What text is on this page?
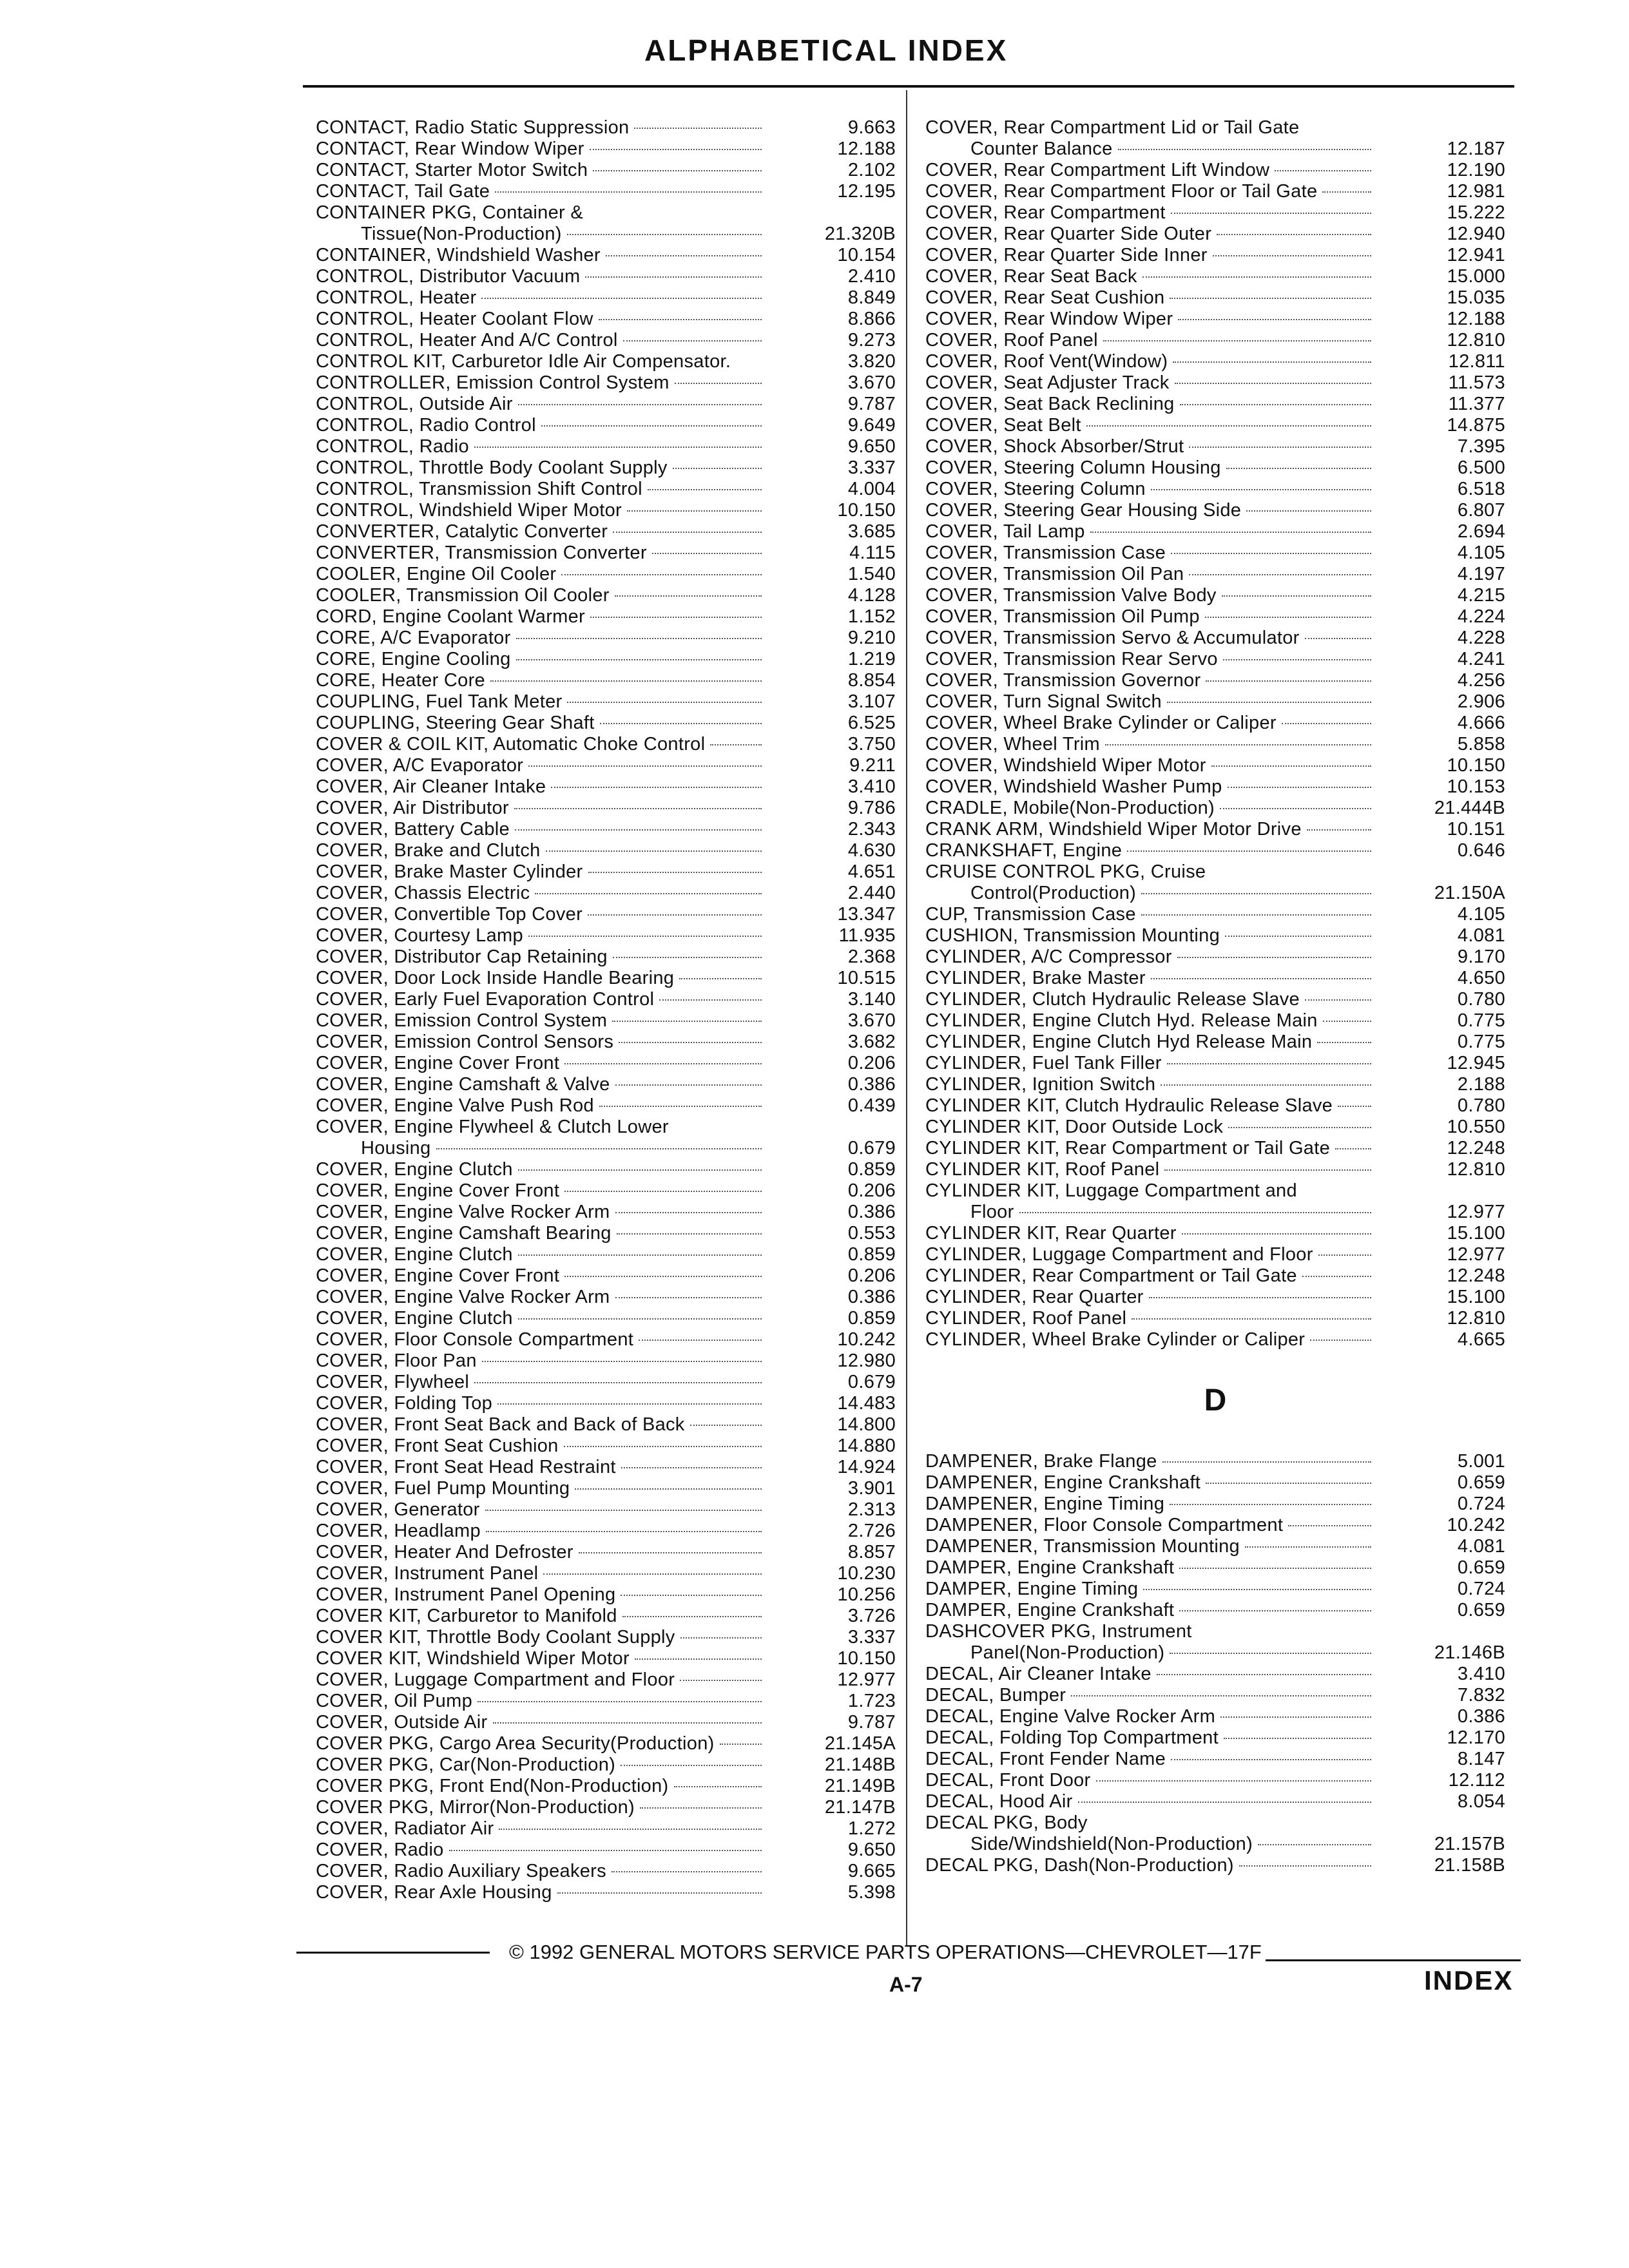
ALPHABETICAL INDEX
CONTACT, Radio Static Suppression	9.663
CONTACT, Rear Window Wiper	12.188
CONTACT, Starter Motor Switch	2.102
CONTACT, Tail Gate	12.195
CONTAINER PKG, Container &
Tissue(Non-Production)	21.320B
CONTAINER, Windshield Washer	10.154
CONTROL, Distributor Vacuum	2.410
CONTROL, Heater	8.849
CONTROL, Heater Coolant Flow	8.866
CONTROL, Heater And A/C Control	9.273
CONTROL KIT, Carburetor Idle Air Compensator.	3.820
CONTROLLER, Emission Control System	3.670
CONTROL, Outside Air	9.787
CONTROL, Radio Control	9.649
CONTROL, Radio	9.650
CONTROL, Throttle Body Coolant Supply	3.337
CONTROL, Transmission Shift Control	4.004
CONTROL, Windshield Wiper Motor	10.150
CONVERTER, Catalytic Converter	3.685
CONVERTER, Transmission Converter	4.115
COOLER, Engine Oil Cooler	1.540
COOLER, Transmission Oil Cooler	4.128
CORD, Engine Coolant Warmer	1.152
CORE, A/C Evaporator	9.210
CORE, Engine Cooling	1.219
CORE, Heater Core	8.854
COUPLING, Fuel Tank Meter	3.107
COUPLING, Steering Gear Shaft	6.525
COVER & COIL KIT, Automatic Choke Control	3.750
COVER, A/C Evaporator	9.211
COVER, Air Cleaner Intake	3.410
COVER, Air Distributor	9.786
COVER, Battery Cable	2.343
COVER, Brake and Clutch	4.630
COVER, Brake Master Cylinder	4.651
COVER, Chassis Electric	2.440
COVER, Convertible Top Cover	13.347
COVER, Courtesy Lamp	11.935
COVER, Distributor Cap Retaining	2.368
COVER, Door Lock Inside Handle Bearing	10.515
COVER, Early Fuel Evaporation Control	3.140
COVER, Emission Control System	3.670
COVER, Emission Control Sensors	3.682
COVER, Engine Cover Front	0.206
COVER, Engine Camshaft & Valve	0.386
COVER, Engine Valve Push Rod	0.439
COVER, Engine Flywheel & Clutch Lower
Housing	0.679
COVER, Engine Clutch	0.859
COVER, Engine Cover Front	0.206
COVER, Engine Valve Rocker Arm	0.386
COVER, Engine Camshaft Bearing	0.553
COVER, Engine Clutch	0.859
COVER, Engine Cover Front	0.206
COVER, Engine Valve Rocker Arm	0.386
COVER, Engine Clutch	0.859
COVER, Floor Console Compartment	10.242
COVER, Floor Pan	12.980
COVER, Flywheel	0.679
COVER, Folding Top	14.483
COVER, Front Seat Back and Back of Back	14.800
COVER, Front Seat Cushion	14.880
COVER, Front Seat Head Restraint	14.924
COVER, Fuel Pump Mounting	3.901
COVER, Generator	2.313
COVER, Headlamp	2.726
COVER, Heater And Defroster	8.857
COVER, Instrument Panel	10.230
COVER, Instrument Panel Opening	10.256
COVER KIT, Carburetor to Manifold	3.726
COVER KIT, Throttle Body Coolant Supply	3.337
COVER KIT, Windshield Wiper Motor	10.150
COVER, Luggage Compartment and Floor	12.977
COVER, Oil Pump	1.723
COVER, Outside Air	9.787
COVER PKG, Cargo Area Security(Production)	21.145A
COVER PKG, Car(Non-Production)	21.148B
COVER PKG, Front End(Non-Production)	21.149B
COVER PKG, Mirror(Non-Production)	21.147B
COVER, Radiator Air	1.272
COVER, Radio	9.650
COVER, Radio Auxiliary Speakers	9.665
COVER, Rear Axle Housing	5.398
COVER, Rear Compartment Lid or Tail Gate
Counter Balance	12.187
COVER, Rear Compartment Lift Window	12.190
COVER, Rear Compartment Floor or Tail Gate	12.981
COVER, Rear Compartment	15.222
COVER, Rear Quarter Side Outer	12.940
COVER, Rear Quarter Side Inner	12.941
COVER, Rear Seat Back	15.000
COVER, Rear Seat Cushion	15.035
COVER, Rear Window Wiper	12.188
COVER, Roof Panel	12.810
COVER, Roof Vent(Window)	12.811
COVER, Seat Adjuster Track	11.573
COVER, Seat Back Reclining	11.377
COVER, Seat Belt	14.875
COVER, Shock Absorber/Strut	7.395
COVER, Steering Column Housing	6.500
COVER, Steering Column	6.518
COVER, Steering Gear Housing Side	6.807
COVER, Tail Lamp	2.694
COVER, Transmission Case	4.105
COVER, Transmission Oil Pan	4.197
COVER, Transmission Valve Body	4.215
COVER, Transmission Oil Pump	4.224
COVER, Transmission Servo & Accumulator	4.228
COVER, Transmission Rear Servo	4.241
COVER, Transmission Governor	4.256
COVER, Turn Signal Switch	2.906
COVER, Wheel Brake Cylinder or Caliper	4.666
COVER, Wheel Trim	5.858
COVER, Windshield Wiper Motor	10.150
COVER, Windshield Washer Pump	10.153
CRADLE, Mobile(Non-Production)	21.444B
CRANK ARM, Windshield Wiper Motor Drive	10.151
CRANKSHAFT, Engine	0.646
CRUISE CONTROL PKG, Cruise
Control(Production)	21.150A
CUP, Transmission Case	4.105
CUSHION, Transmission Mounting	4.081
CYLINDER, A/C Compressor	9.170
CYLINDER, Brake Master	4.650
CYLINDER, Clutch Hydraulic Release Slave	0.780
CYLINDER, Engine Clutch Hyd. Release Main	0.775
CYLINDER, Engine Clutch Hyd Release Main	0.775
CYLINDER, Fuel Tank Filler	12.945
CYLINDER, Ignition Switch	2.188
CYLINDER KIT, Clutch Hydraulic Release Slave	0.780
CYLINDER KIT, Door Outside Lock	10.550
CYLINDER KIT, Rear Compartment or Tail Gate	12.248
CYLINDER KIT, Roof Panel	12.810
CYLINDER KIT, Luggage Compartment and
Floor	12.977
CYLINDER KIT, Rear Quarter	15.100
CYLINDER, Luggage Compartment and Floor	12.977
CYLINDER, Rear Compartment or Tail Gate	12.248
CYLINDER, Rear Quarter	15.100
CYLINDER, Roof Panel	12.810
CYLINDER, Wheel Brake Cylinder or Caliper	4.665
D
DAMPENER, Brake Flange	5.001
DAMPENER, Engine Crankshaft	0.659
DAMPENER, Engine Timing	0.724
DAMPENER, Floor Console Compartment	10.242
DAMPENER, Transmission Mounting	4.081
DAMPER, Engine Crankshaft	0.659
DAMPER, Engine Timing	0.724
DAMPER, Engine Crankshaft	0.659
DASHCOVER PKG, Instrument
Panel(Non-Production)	21.146B
DECAL, Air Cleaner Intake	3.410
DECAL, Bumper	7.832
DECAL, Engine Valve Rocker Arm	0.386
DECAL, Folding Top Compartment	12.170
DECAL, Front Fender Name	8.147
DECAL, Front Door	12.112
DECAL, Hood Air	8.054
DECAL PKG, Body
Side/Windshield(Non-Production)	21.157B
DECAL PKG, Dash(Non-Production)	21.158B
© 1992 GENERAL MOTORS SERVICE PARTS OPERATIONS—CHEVROLET—17F
A-7	INDEX
